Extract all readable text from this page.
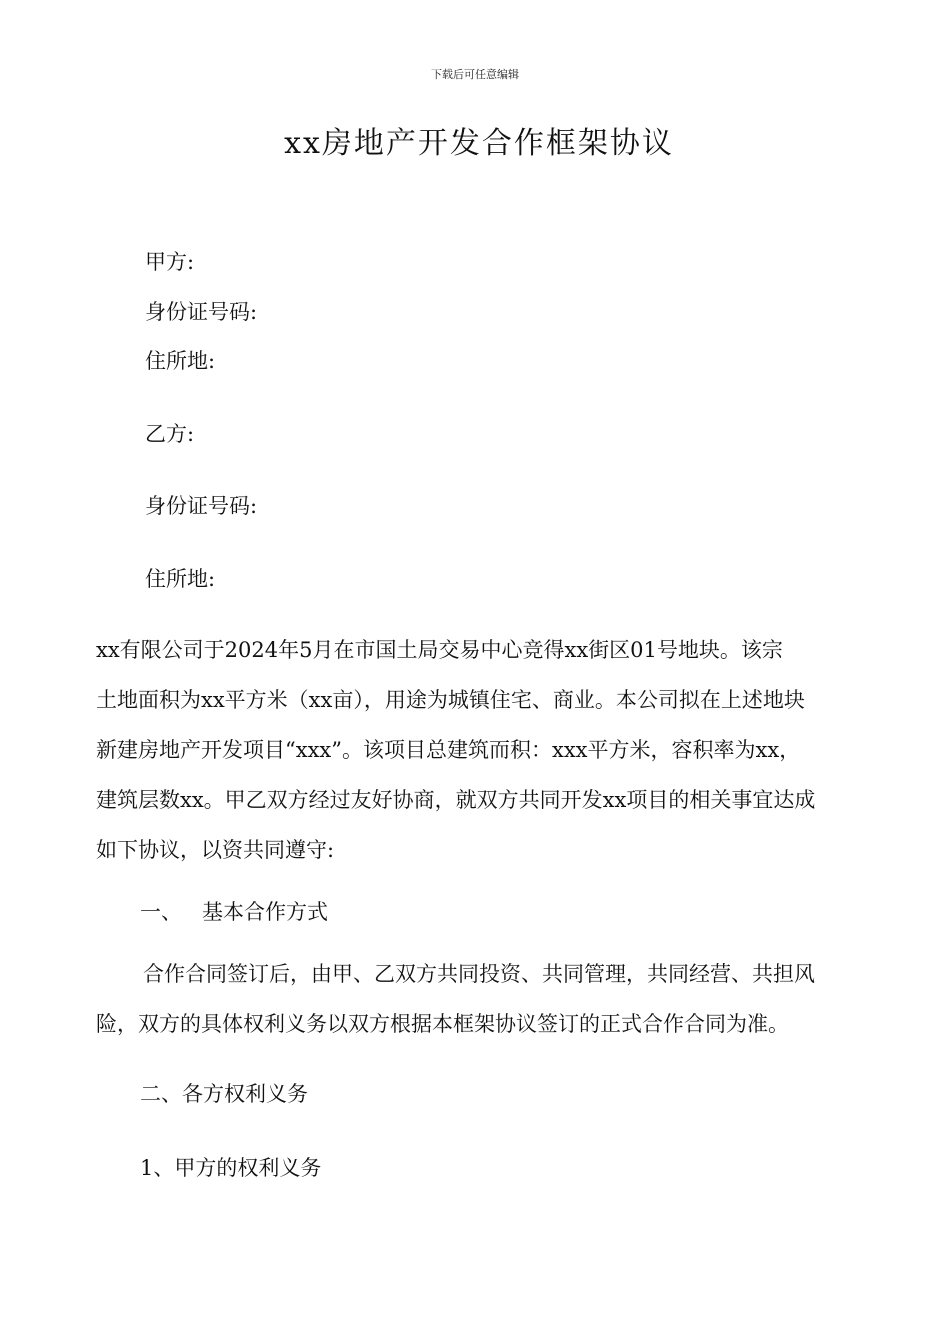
下载后可任意编辑
xx房地产开发合作框架协议
甲方:
身份证号码:
住所地:
乙方:
身份证号码:
住所地:
xx有限公司于2024年5月在市国土局交易中心竞得xx街区01号地块。该宗
土地面积为xx平方米（xx亩），用途为城镇住宅、商业。本公司拟在上述地块
新建房地产开发项目“xxx”。该项目总建筑而积：xxx平方米，容积率为xx，
建筑层数xx。甲乙双方经过友好协商，就双方共同开发xx项目的相关事宜达成
如下协议，以资共同遵守:
一、   基本合作方式
合作合同签订后，由甲、乙双方共同投资、共同管理，共同经营、共担风
险，双方的具体权利义务以双方根据本框架协议签订的正式合作合同为准。
二、各方权利义务
1、甲方的权利义务
